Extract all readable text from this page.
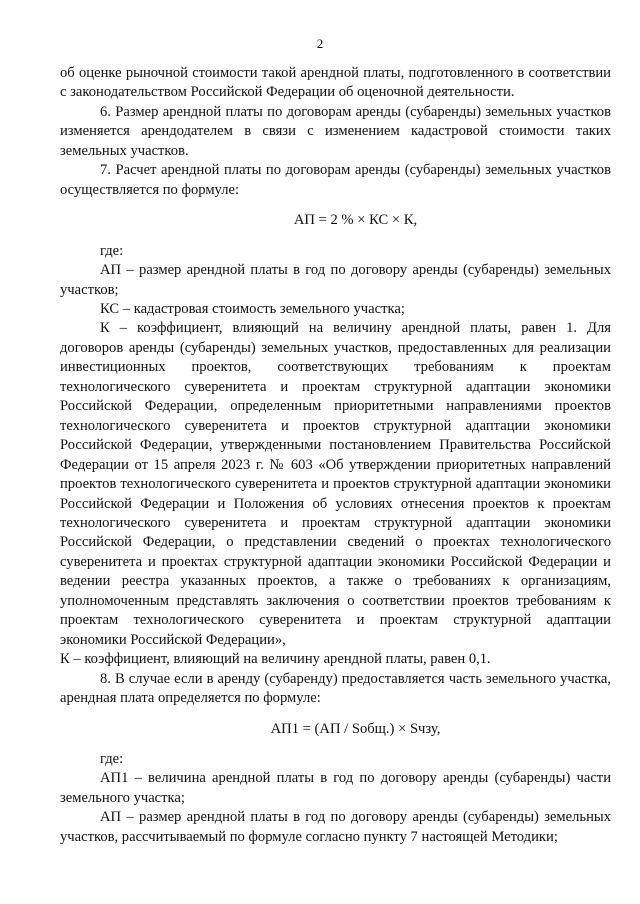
2

об оценке рыночной стоимости такой арендной платы, подготовленного в соответствии с законодательством Российской Федерации об оценочной деятельности.

6. Размер арендной платы по договорам аренды (субаренды) земельных участков изменяется арендодателем в связи с изменением кадастровой стоимости таких земельных участков.

7. Расчет арендной платы по договорам аренды (субаренды) земельных участков осуществляется по формуле:

АП = 2 % × КС × К,

где:

АП – размер арендной платы в год по договору аренды (субаренды) земельных участков;

КС – кадастровая стоимость земельного участка;

К – коэффициент, влияющий на величину арендной платы, равен 1. Для договоров аренды (субаренды) земельных участков, предоставленных для реализации инвестиционных проектов, соответствующих требованиям к проектам технологического суверенитета и проектам структурной адаптации экономики Российской Федерации, определенным приоритетными направлениями проектов технологического суверенитета и проектов структурной адаптации экономики Российской Федерации, утвержденными постановлением Правительства Российской Федерации от 15 апреля 2023 г. № 603 «Об утверждении приоритетных направлений проектов технологического суверенитета и проектов структурной адаптации экономики Российской Федерации и Положения об условиях отнесения проектов к проектам технологического суверенитета и проектам структурной адаптации экономики Российской Федерации, о представлении сведений о проектах технологического суверенитета и проектах структурной адаптации экономики Российской Федерации и ведении реестра указанных проектов, а также о требованиях к организациям, уполномоченным представлять заключения о соответствии проектов требованиям к проектам технологического суверенитета и проектам структурной адаптации экономики Российской Федерации»,

К – коэффициент, влияющий на величину арендной платы, равен 0,1.

8. В случае если в аренду (субаренду) предоставляется часть земельного участка, арендная плата определяется по формуле:

АП1 = (АП / Sобщ.) × Sчзу,

где:

АП1 – величина арендной платы в год по договору аренды (субаренды) части земельного участка;

АП – размер арендной платы в год по договору аренды (субаренды) земельных участков, рассчитываемый по формуле согласно пункту 7 настоящей Методики;
